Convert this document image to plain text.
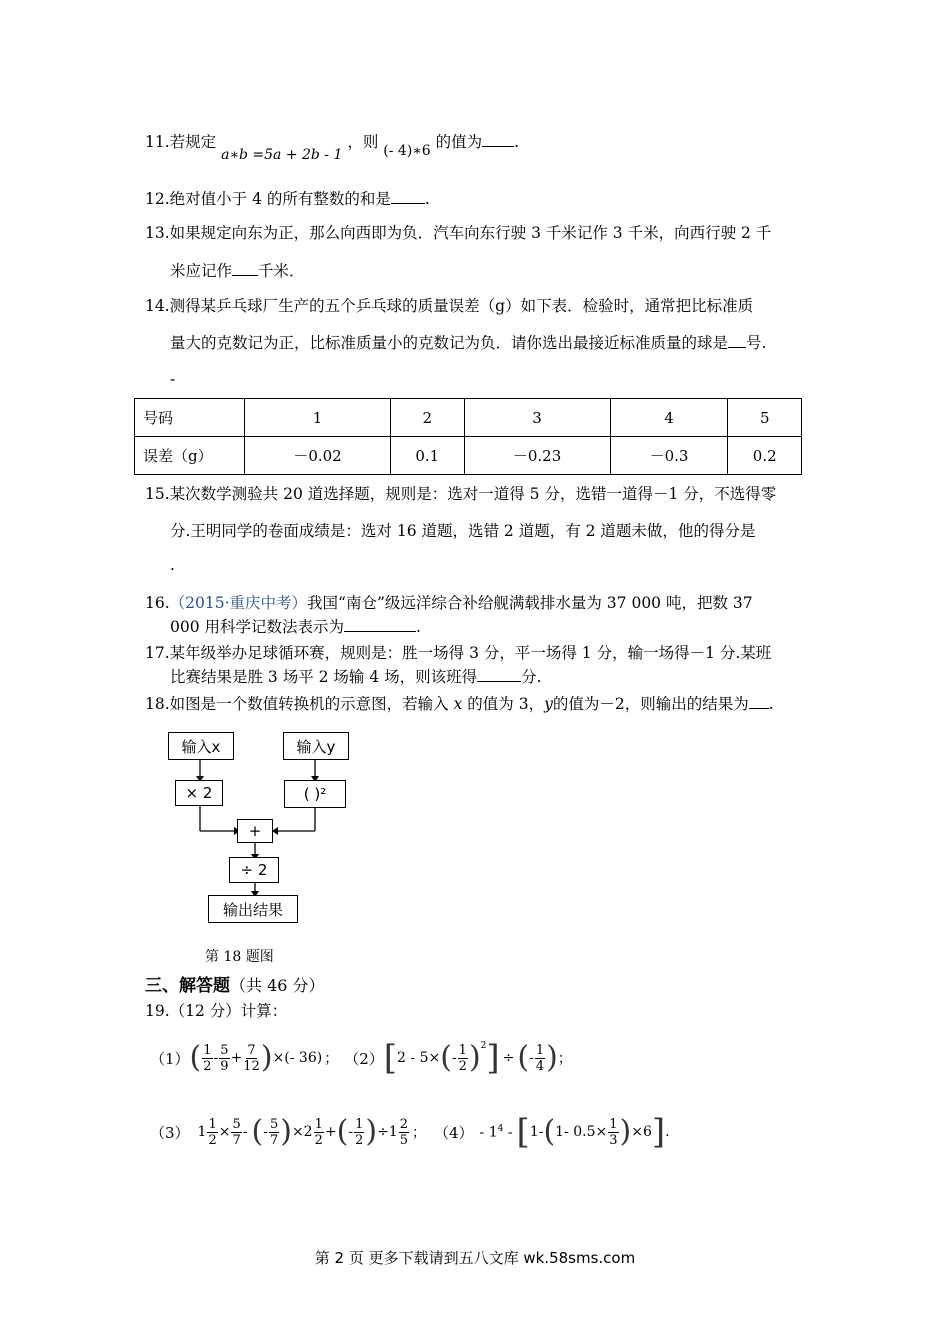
11.若规定 a∗b =5a + 2b - 1 ，则 (- 4)∗6 的值为 .
12.绝对值小于 4 的所有整数的和是 .
13.如果规定向东为正，那么向西即为负．汽车向东行驶 3 千米记作 3 千米，向西行驶 2 千
米应记作 千米．
14.测得某乒乓球厂生产的五个乒乓球的质量误差（g）如下表．检验时，通常把比标准质
量大的克数记为正，比标准质量小的克数记为负．请你选出最接近标准质量的球是 号.
-
号码	1	2	3	4	5
误差（g）	－0.02	0.1	－0.23	－0.3	0.2
15.某次数学测验共 20 道选择题，规则是：选对一道得 5 分，选错一道得－1 分，不选得零
分.王明同学的卷面成绩是：选对 16 道题，选错 2 道题，有 2 道题未做，他的得分是
.
16.（2015·重庆中考）我国“南仓”级远洋综合补给舰满载排水量为 37 000 吨，把数 37
000 用科学记数法表示为	.
17.某年级举办足球循环赛，规则是：胜一场得 3 分，平一场得 1 分，输一场得－1 分.某班
比赛结果是胜 3 场平 2 场输 4 场，则该班得	分.
18.如图是一个数值转换机的示意图，若输入 x 的值为 3，y的值为－2，则输出的结果为 .
输入x	输入y
× 2	( )²
+
÷ 2
输出结果
第 18 题图
三、解答题（共 46 分）
19.（12 分）计算：
（1） ( $\frac{1}{2} - \frac{5}{9} + \frac{7}{12}$ ) ×(- 36) ； （2） [ 2 - 5× ( - $\frac{1}{2}$ ) 2 ] ÷ ( - $\frac{1}{4}$ ) ；
（3） $1 \frac{1}{2} \times \frac{5}{7}$ - ( - $\frac{5}{7}$ ) $\times 2 \frac{1}{2}$ + ( - $\frac{1}{2}$ ) $\div 1 \frac{2}{5}$ ； $(4) - 1^4$ - [ 1- ( 1- $0.5\times \frac{1}{3}$ ) ×6 ] .
第 2 页 更多下载请到五八文库 wk.58sms.com
